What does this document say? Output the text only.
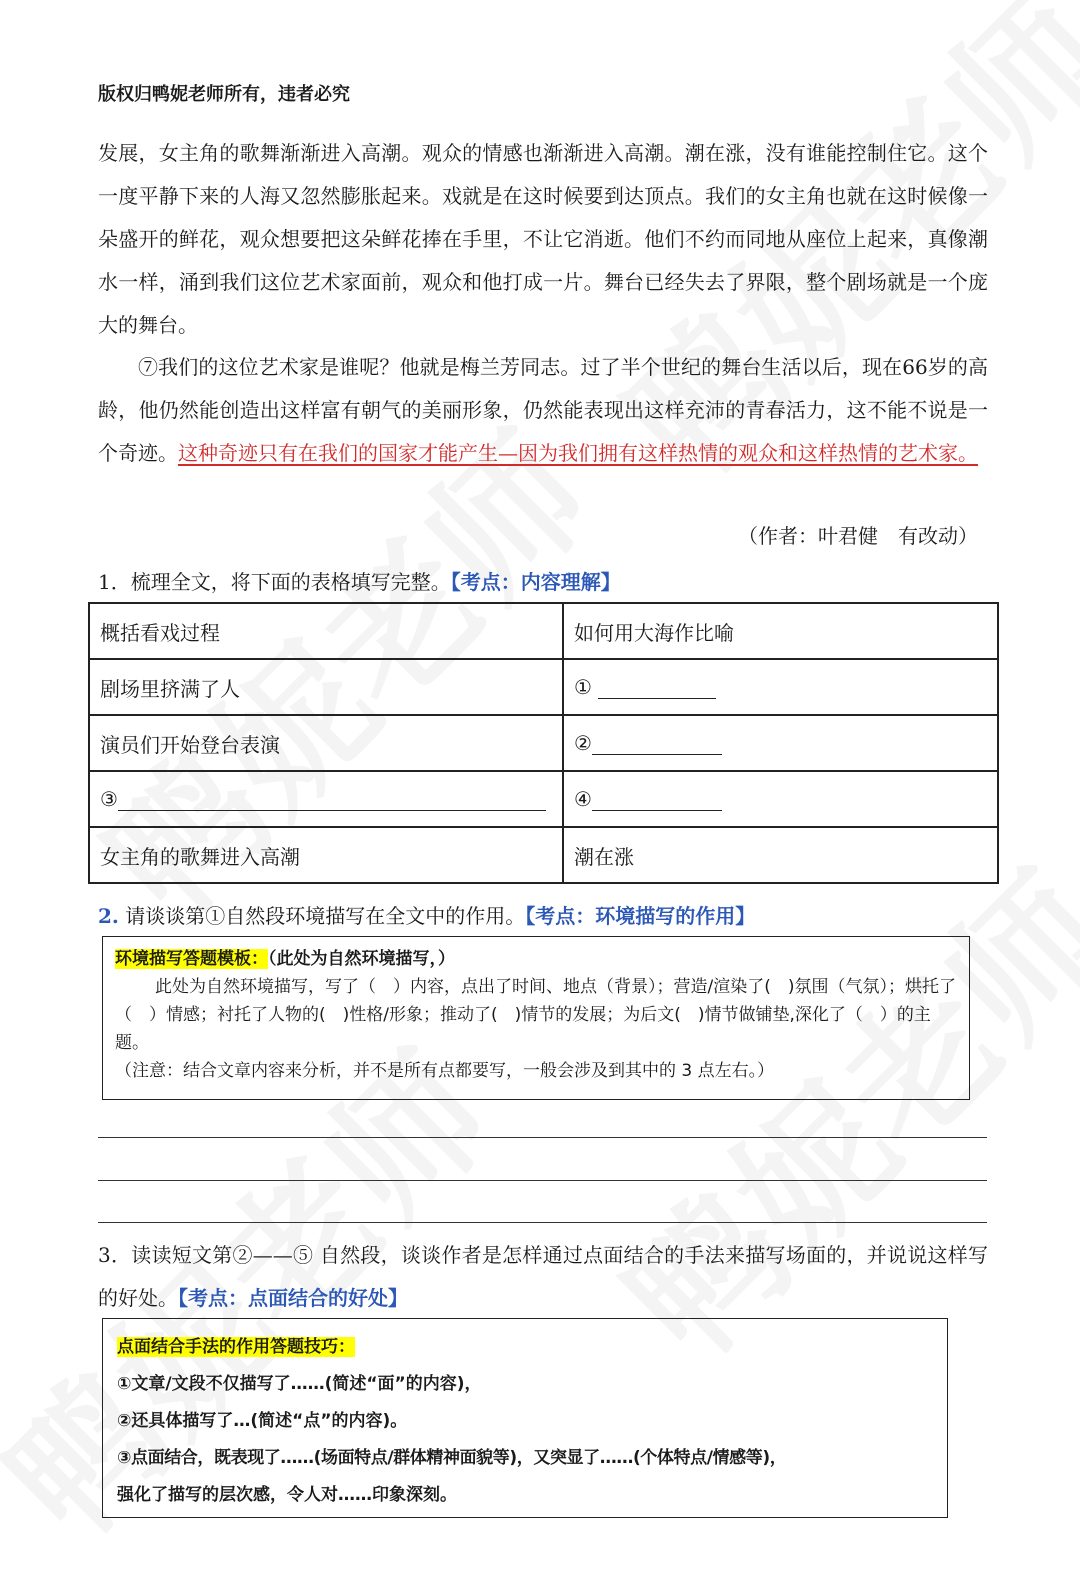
版权归鸭妮老师所有，违者必究
发展，女主角的歌舞渐渐进入高潮。观众的情感也渐渐进入高潮。潮在涨，没有谁能控制住它。这个一度平静下来的人海又忽然膨胀起来。戏就是在这时候要到达顶点。我们的女主角也就在这时候像一朵盛开的鲜花，观众想要把这朵鲜花捧在手里，不让它消逝。他们不约而同地从座位上起来，真像潮水一样，涌到我们这位艺术家面前，观众和他打成一片。舞台已经失去了界限，整个剧场就是一个庞大的舞台。
⑦我们的这位艺术家是谁呢？他就是梅兰芳同志。过了半个世纪的舞台生活以后，现在66岁的高龄，他仍然能创造出这样富有朝气的美丽形象，仍然能表现出这样充沛的青春活力，这不能不说是一个奇迹。这种奇迹只有在我们的国家才能产生—因为我们拥有这样热情的观众和这样热情的艺术家。
（作者：叶君健　有改动）
1．梳理全文，将下面的表格填写完整。【考点：内容理解】
概括看戏过程	如何用大海作比喻
剧场里挤满了人	①
演员们开始登台表演	②
③	④
女主角的歌舞进入高潮	潮在涨
2. 请谈谈第①自然段环境描写在全文中的作用。【考点：环境描写的作用】
环境描写答题模板：（此处为自然环境描写，）
此处为自然环境描写，写了（　）内容，点出了时间、地点（背景）；营造/渲染了(　)氛围（气氛）；烘托了（　）情感；衬托了人物的(　)性格/形象；推动了(　)情节的发展；为后文(　)情节做铺垫,深化了（　）的主题。
（注意：结合文章内容来分析，并不是所有点都要写，一般会涉及到其中的 3 点左右。）
3．读读短文第②——⑤ 自然段，谈谈作者是怎样通过点面结合的手法来描写场面的，并说说这样写的好处。【考点：点面结合的好处】
点面结合手法的作用答题技巧：
①文章/文段不仅描写了……(简述“面”的内容)，
②还具体描写了…(简述“点”的内容)。
③点面结合，既表现了……(场面特点/群体精神面貌等)，又突显了……(个体特点/情感等)，
强化了描写的层次感，令人对……印象深刻。
